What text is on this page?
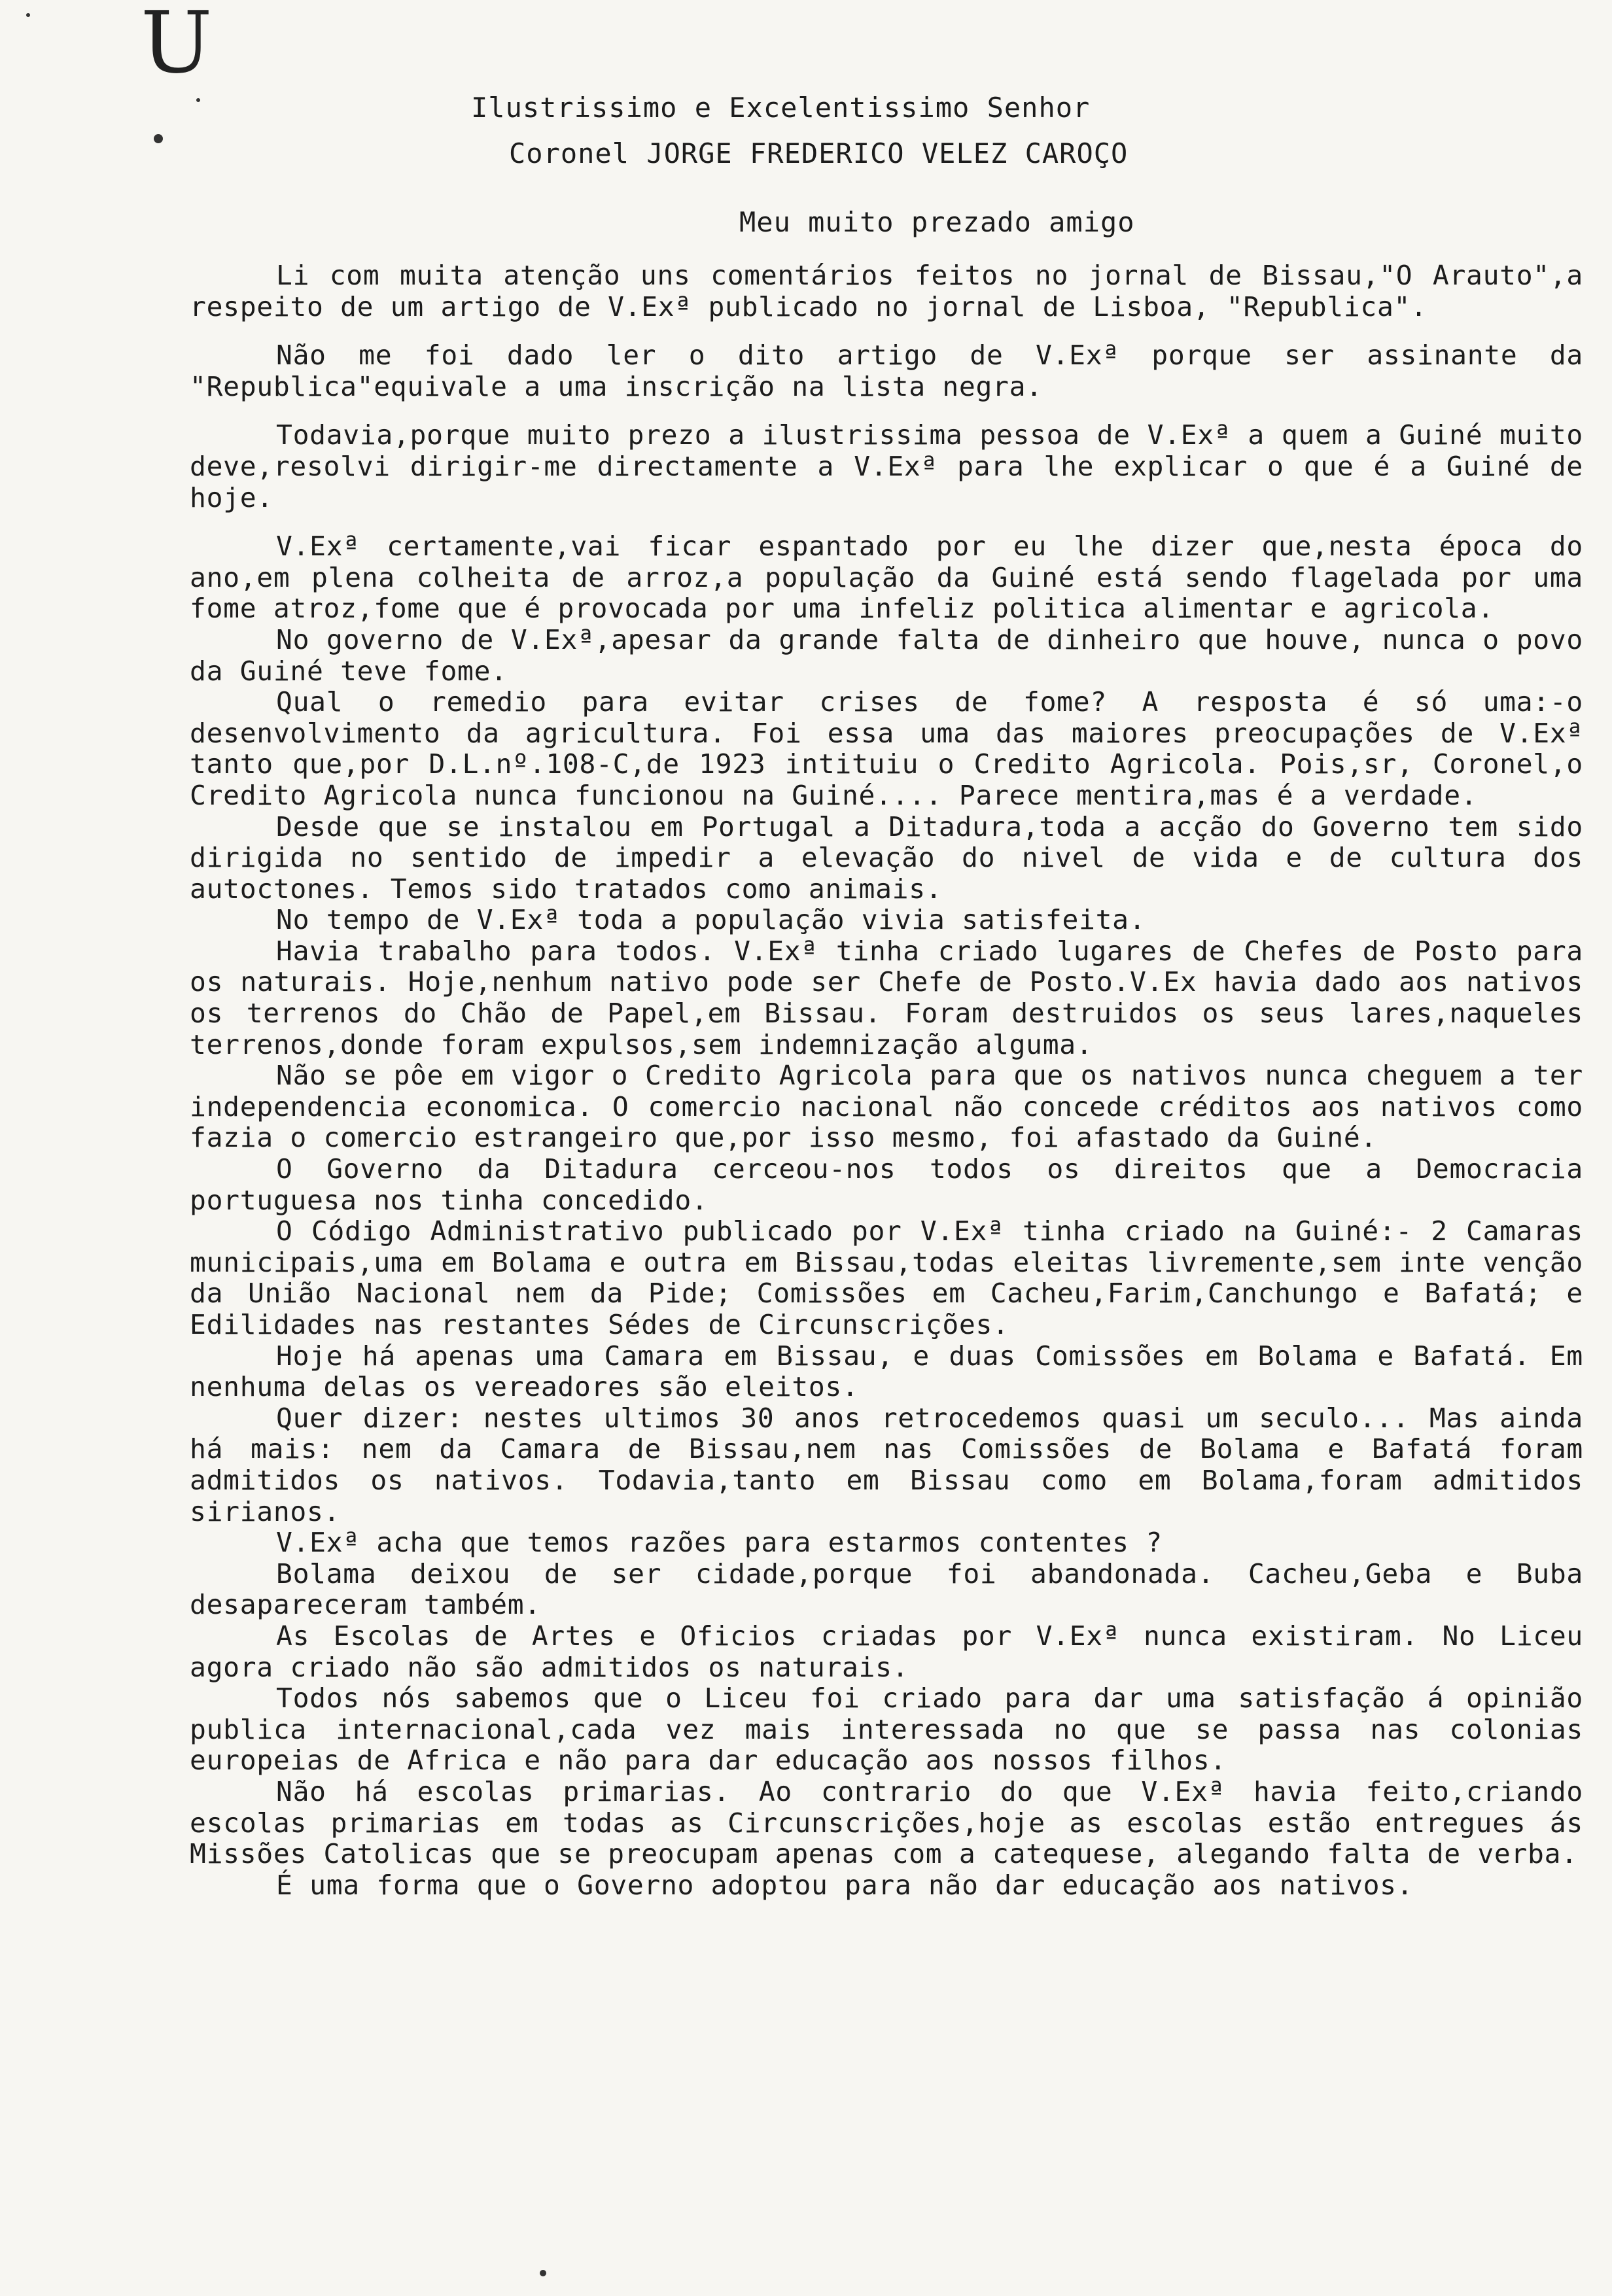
U
Ilustrissimo e Excelentissimo Senhor
Coronel JORGE FREDERICO VELEZ CAROÇO
Meu muito prezado amigo

Li com muita atenção uns comentários feitos no jornal de Bissau,"O Arauto",a respeito de um artigo de V.Exª publicado no jornal de Lisboa, "Republica".

Não me foi dado ler o dito artigo de V.Exª porque ser assinante da "Republica"equivale a uma inscrição na lista negra.

Todavia,porque muito prezo a ilustrissima pessoa de V.Exª a quem a Guiné muito deve,resolvi dirigir-me directamente a V.Exª para lhe explicar o que é a Guiné de hoje.

V.Exª certamente,vai ficar espantado por eu lhe dizer que,nesta época do ano,em plena colheita de arroz,a população da Guiné está sendo flagelada por uma fome atroz,fome que é provocada por uma infeliz politica alimentar e agricola.

No governo de V.Exª,apesar da grande falta de dinheiro que houve, nunca o povo da Guiné teve fome.

Qual o remedio para evitar crises de fome? A resposta é só uma:-o desenvolvimento da agricultura. Foi essa uma das maiores preocupações de V.Exª tanto que,por D.L.nº.108-C,de 1923 intituiu o Credito Agricola. Pois,sr, Coronel,o Credito Agricola nunca funcionou na Guiné.... Parece mentira,mas é a verdade.

Desde que se instalou em Portugal a Ditadura,toda a acção do Governo tem sido dirigida no sentido de impedir a elevação do nivel de vida e de cultura dos autoctones. Temos sido tratados como animais.

No tempo de V.Exª toda a população vivia satisfeita.

Havia trabalho para todos. V.Exª tinha criado lugares de Chefes de Posto para os naturais. Hoje,nenhum nativo pode ser Chefe de Posto.V.Ex havia dado aos nativos os terrenos do Chão de Papel,em Bissau. Foram destruidos os seus lares,naqueles terrenos,donde foram expulsos,sem indemnização alguma.

Não se pôe em vigor o Credito Agricola para que os nativos nunca cheguem a ter independencia economica. O comercio nacional não concede créditos aos nativos como fazia o comercio estrangeiro que,por isso mesmo, foi afastado da Guiné.

O Governo da Ditadura cerceou-nos todos os direitos que a Democracia portuguesa nos tinha concedido.

O Código Administrativo publicado por V.Exª tinha criado na Guiné:- 2 Camaras municipais,uma em Bolama e outra em Bissau,todas eleitas livremente,sem inte venção da União Nacional nem da Pide; Comissões em Cacheu,Farim,Canchungo e Bafatá; e Edilidades nas restantes Sédes de Circunscrições.

Hoje há apenas uma Camara em Bissau, e duas Comissões em Bolama e Bafatá. Em nenhuma delas os vereadores são eleitos.

Quer dizer: nestes ultimos 30 anos retrocedemos quasi um seculo... Mas ainda há mais: nem da Camara de Bissau,nem nas Comissões de Bolama e Bafatá foram admitidos os nativos. Todavia,tanto em Bissau como em Bolama,foram admitidos sirianos.

V.Exª acha que temos razões para estarmos contentes ?

Bolama deixou de ser cidade,porque foi abandonada. Cacheu,Geba e Buba desapareceram também.

As Escolas de Artes e Oficios criadas por V.Exª nunca existiram. No Liceu agora criado não são admitidos os naturais.

Todos nós sabemos que o Liceu foi criado para dar uma satisfação á opinião publica internacional,cada vez mais interessada no que se passa nas colonias europeias de Africa e não para dar educação aos nossos filhos.

Não há escolas primarias. Ao contrario do que V.Exª havia feito,criando escolas primarias em todas as Circunscrições,hoje as escolas estão entregues ás Missões Catolicas que se preocupam apenas com a catequese, alegando falta de verba.

É uma forma que o Governo adoptou para não dar educação aos nativos.
